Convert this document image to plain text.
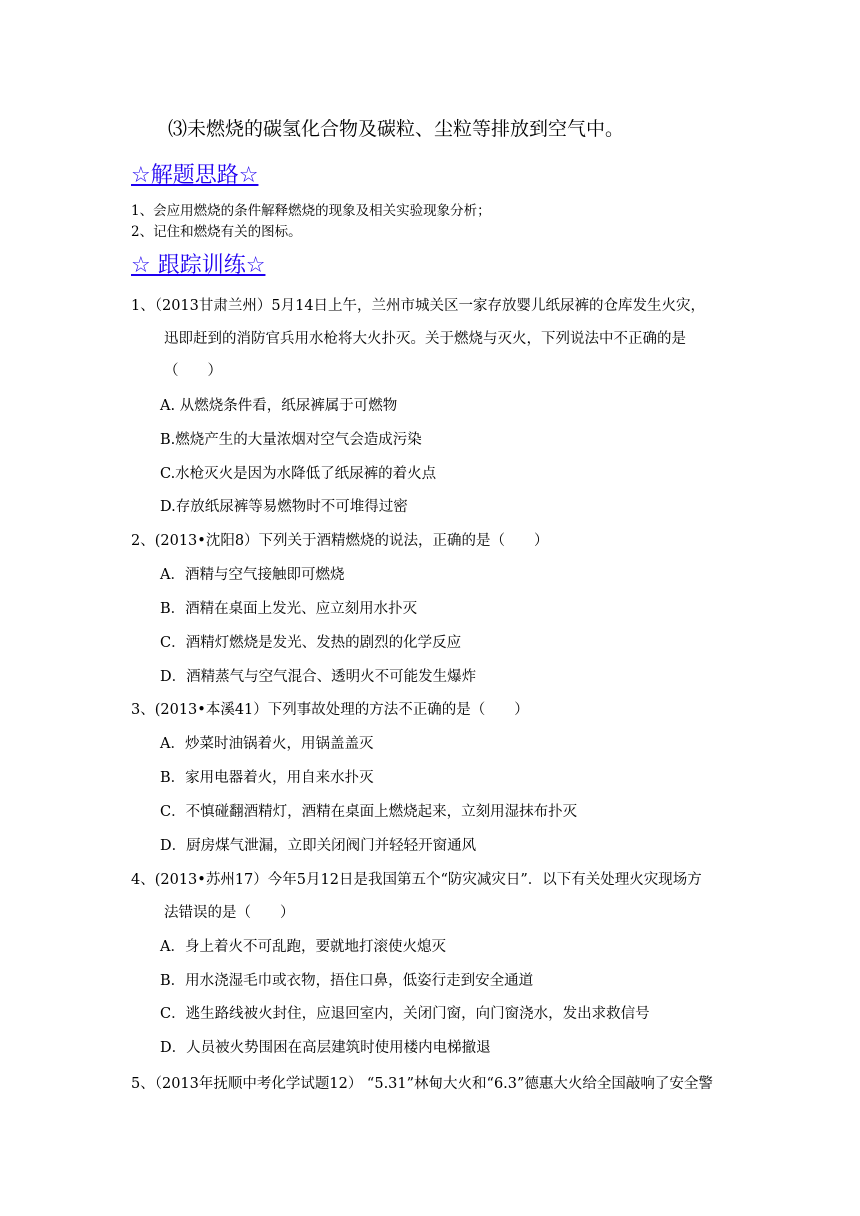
⑶未燃烧的碳氢化合物及碳粒、尘粒等排放到空气中。
☆解题思路☆
1、会应用燃烧的条件解释燃烧的现象及相关实验现象分析；
2、记住和燃烧有关的图标。
☆ 跟踪训练☆
1、（2013甘肃兰州）5月14日上午，兰州市城关区一家存放婴儿纸尿裤的仓库发生火灾，
迅即赶到的消防官兵用水枪将大火扑灭。关于燃烧与灭火，下列说法中不正确的是
（　　）
A. 从燃烧条件看，纸尿裤属于可燃物
B.燃烧产生的大量浓烟对空气会造成污染
C.水枪灭火是因为水降低了纸尿裤的着火点
D.存放纸尿裤等易燃物时不可堆得过密
2、(2013•沈阳8）下列关于酒精燃烧的说法，正确的是（　　）
A．酒精与空气接触即可燃烧
B．酒精在桌面上发光、应立刻用水扑灭
C．酒精灯燃烧是发光、发热的剧烈的化学反应
D．酒精蒸气与空气混合、透明火不可能发生爆炸
3、(2013•本溪41）下列事故处理的方法不正确的是（　　）
A．炒菜时油锅着火，用锅盖盖灭
B．家用电器着火，用自来水扑灭
C．不慎碰翻酒精灯，酒精在桌面上燃烧起来，立刻用湿抹布扑灭
D．厨房煤气泄漏，立即关闭阀门并轻轻开窗通风
4、(2013•苏州17）今年5月12日是我国第五个“防灾减灾日”．以下有关处理火灾现场方
法错误的是（　　）
A．身上着火不可乱跑，要就地打滚使火熄灭
B．用水浇湿毛巾或衣物，捂住口鼻，低姿行走到安全通道
C．逃生路线被火封住，应退回室内，关闭门窗，向门窗浇水，发出求救信号
D．人员被火势围困在高层建筑时使用楼内电梯撤退
5、（2013年抚顺中考化学试题12） “5.31”林甸大火和“6.3”德惠大火给全国敲响了安全警
